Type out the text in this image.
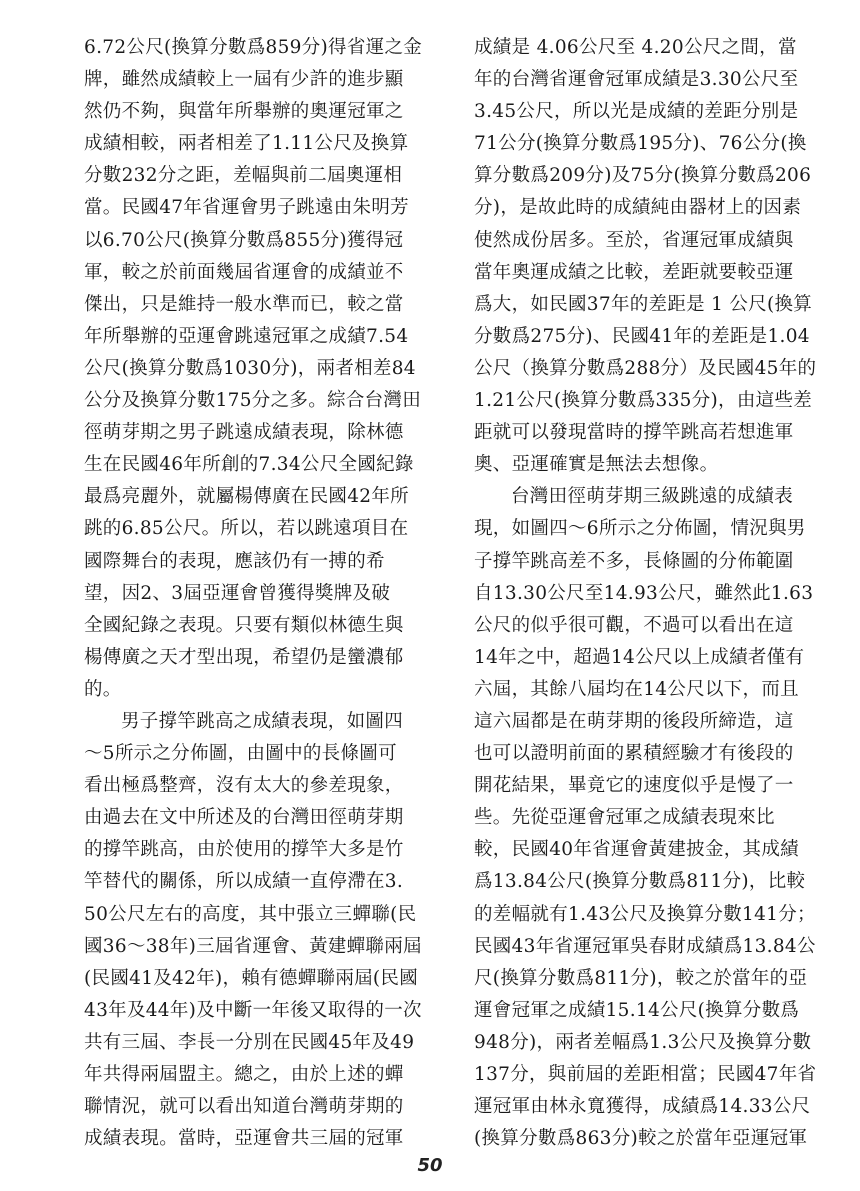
6.72公尺(換算分數爲859分)得省運之金
牌，雖然成績較上一屆有少許的進步顯
然仍不夠，與當年所舉辦的奧運冠軍之
成績相較，兩者相差了1.11公尺及換算
分數232分之距，差幅與前二屆奧運相
當。民國47年省運會男子跳遠由朱明芳
以6.70公尺(換算分數爲855分)獲得冠
軍，較之於前面幾屆省運會的成績並不
傑出，只是維持一般水準而已，較之當
年所舉辦的亞運會跳遠冠軍之成績7.54
公尺(換算分數爲1030分)，兩者相差84
公分及換算分數175分之多。綜合台灣田
徑萌芽期之男子跳遠成績表現，除林德
生在民國46年所創的7.34公尺全國紀錄
最爲亮麗外，就屬楊傳廣在民國42年所
跳的6.85公尺。所以，若以跳遠項目在
國際舞台的表現，應該仍有一搏的希
望，因2、3屆亞運會曾獲得獎牌及破
全國紀錄之表現。只要有類似林德生與
楊傳廣之天才型出現，希望仍是蠻濃郁
的。
男子撐竿跳高之成績表現，如圖四
～5所示之分佈圖，由圖中的長條圖可
看出極爲整齊，沒有太大的參差現象，
由過去在文中所述及的台灣田徑萌芽期
的撐竿跳高，由於使用的撐竿大多是竹
竿替代的關係，所以成績一直停滯在3.
50公尺左右的高度，其中張立三蟬聯(民
國36～38年)三屆省運會、黃建蟬聯兩屆
(民國41及42年)，賴有德蟬聯兩屆(民國
43年及44年)及中斷一年後又取得的一次
共有三屆、李長一分別在民國45年及49
年共得兩屆盟主。總之，由於上述的蟬
聯情況，就可以看出知道台灣萌芽期的
成績表現。當時，亞運會共三屆的冠軍
成績是 4.06公尺至 4.20公尺之間，當
年的台灣省運會冠軍成績是3.30公尺至
3.45公尺，所以光是成績的差距分別是
71公分(換算分數爲195分)、76公分(換
算分數爲209分)及75分(換算分數爲206
分)，是故此時的成績純由器材上的因素
使然成份居多。至於，省運冠軍成績與
當年奧運成績之比較，差距就要較亞運
爲大，如民國37年的差距是 1 公尺(換算
分數爲275分)、民國41年的差距是1.04
公尺（換算分數爲288分）及民國45年的
1.21公尺(換算分數爲335分)，由這些差
距就可以發現當時的撐竿跳高若想進軍
奧、亞運確實是無法去想像。
台灣田徑萌芽期三級跳遠的成績表
現，如圖四～6所示之分佈圖，情況與男
子撐竿跳高差不多，長條圖的分佈範圍
自13.30公尺至14.93公尺，雖然此1.63
公尺的似乎很可觀，不過可以看出在這
14年之中，超過14公尺以上成績者僅有
六屆，其餘八屆均在14公尺以下，而且
這六屆都是在萌芽期的後段所締造，這
也可以證明前面的累積經驗才有後段的
開花結果，畢竟它的速度似乎是慢了一
些。先從亞運會冠軍之成績表現來比
較，民國40年省運會黃建披金，其成績
爲13.84公尺(換算分數爲811分)，比較
的差幅就有1.43公尺及換算分數141分；
民國43年省運冠軍吳春財成績爲13.84公
尺(換算分數爲811分)，較之於當年的亞
運會冠軍之成績15.14公尺(換算分數爲
948分)，兩者差幅爲1.3公尺及換算分數
137分，與前屆的差距相當；民國47年省
運冠軍由林永寬獲得，成績爲14.33公尺
(換算分數爲863分)較之於當年亞運冠軍
50
